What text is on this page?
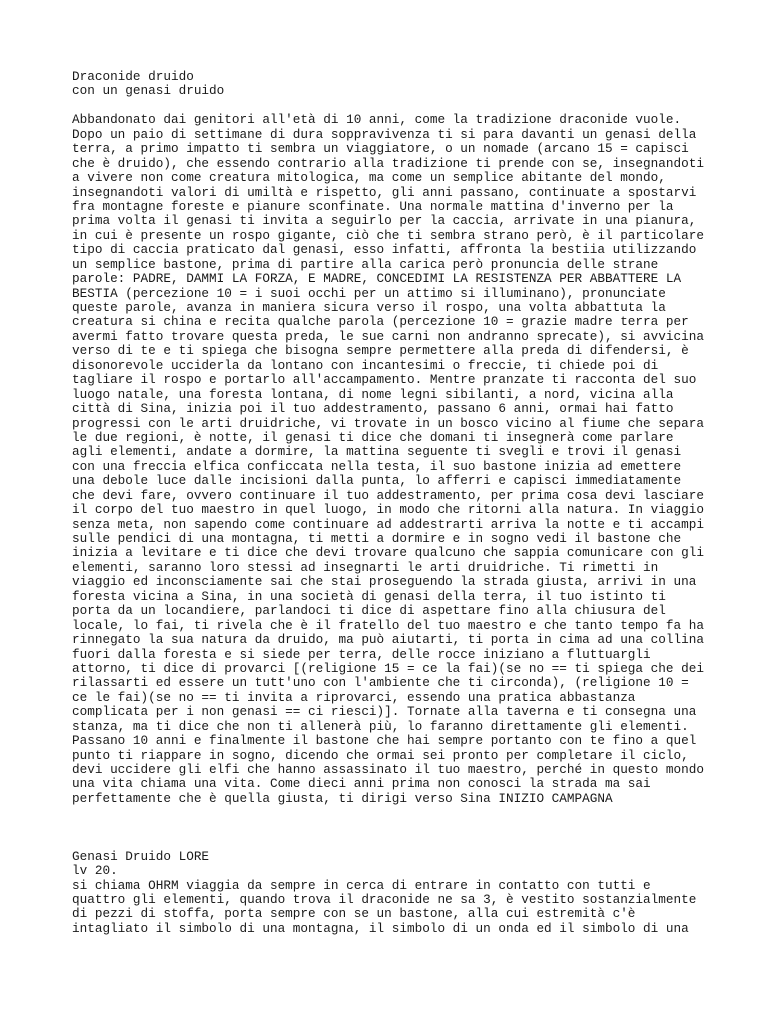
Draconide druido
con un genasi druido
Abbandonato dai genitori all'età di 10 anni, come la tradizione draconide vuole.
Dopo un paio di settimane di dura soppravivenza ti si para davanti un genasi della
terra, a primo impatto ti sembra un viaggiatore, o un nomade (arcano 15 = capisci
che è druido), che essendo contrario alla tradizione ti prende con se, insegnandoti
a vivere non come creatura mitologica, ma come un semplice abitante del mondo,
insegnandoti valori di umiltà e rispetto, gli anni passano, continuate a spostarvi
fra montagne foreste e pianure sconfinate. Una normale mattina d'inverno per la
prima volta il genasi ti invita a seguirlo per la caccia, arrivate in una pianura,
in cui è presente un rospo gigante, ciò che ti sembra strano però, è il particolare
tipo di caccia praticato dal genasi, esso infatti, affronta la bestiia utilizzando
un semplice bastone, prima di partire alla carica però pronuncia delle strane
parole: PADRE, DAMMI LA FORZA, E MADRE, CONCEDIMI LA RESISTENZA PER ABBATTERE LA
BESTIA (percezione 10 = i suoi occhi per un attimo si illuminano), pronunciate
queste parole, avanza in maniera sicura verso il rospo, una volta abbattuta la
creatura si china e recita qualche parola (percezione 10 = grazie madre terra per
avermi fatto trovare questa preda, le sue carni non andranno sprecate), si avvicina
verso di te e ti spiega che bisogna sempre permettere alla preda di difendersi, è
disonorevole ucciderla da lontano con incantesimi o freccie, ti chiede poi di
tagliare il rospo e portarlo all'accampamento. Mentre pranzate ti racconta del suo
luogo natale, una foresta lontana, di nome legni sibilanti, a nord, vicina alla
città di Sina, inizia poi il tuo addestramento, passano 6 anni, ormai hai fatto
progressi con le arti druidriche, vi trovate in un bosco vicino al fiume che separa
le due regioni, è notte, il genasi ti dice che domani ti insegnerà come parlare
agli elementi, andate a dormire, la mattina seguente ti svegli e trovi il genasi
con una freccia elfica conficcata nella testa, il suo bastone inizia ad emettere
una debole luce dalle incisioni dalla punta, lo afferri e capisci immediatamente
che devi fare, ovvero continuare il tuo addestramento, per prima cosa devi lasciare
il corpo del tuo maestro in quel luogo, in modo che ritorni alla natura. In viaggio
senza meta, non sapendo come continuare ad addestrarti arriva la notte e ti accampi
sulle pendici di una montagna, ti metti a dormire e in sogno vedi il bastone che
inizia a levitare e ti dice che devi trovare qualcuno che sappia comunicare con gli
elementi, saranno loro stessi ad insegnarti le arti druidriche. Ti rimetti in
viaggio ed inconsciamente sai che stai proseguendo la strada giusta, arrivi in una
foresta vicina a Sina, in una società di genasi della terra, il tuo istinto ti
porta da un locandiere, parlandoci ti dice di aspettare fino alla chiusura del
locale, lo fai, ti rivela che è il fratello del tuo maestro e che tanto tempo fa ha
rinnegato la sua natura da druido, ma può aiutarti, ti porta in cima ad una collina
fuori dalla foresta e si siede per terra, delle rocce iniziano a fluttuargli
attorno, ti dice di provarci [(religione 15 = ce la fai)(se no == ti spiega che dei
rilassarti ed essere un tutt'uno con l'ambiente che ti circonda), (religione 10 =
ce le fai)(se no == ti invita a riprovarci, essendo una pratica abbastanza
complicata per i non genasi == ci riesci)]. Tornate alla taverna e ti consegna una
stanza, ma ti dice che non ti allenerà più, lo faranno direttamente gli elementi.
Passano 10 anni e finalmente il bastone che hai sempre portanto con te fino a quel
punto ti riappare in sogno, dicendo che ormai sei pronto per completare il ciclo,
devi uccidere gli elfi che hanno assassinato il tuo maestro, perché in questo mondo
una vita chiama una vita. Come dieci anni prima non conosci la strada ma sai
perfettamente che è quella giusta, ti dirigi verso Sina INIZIO CAMPAGNA
Genasi Druido LORE
lv 20.
si chiama OHRM viaggia da sempre in cerca di entrare in contatto con tutti e
quattro gli elementi, quando trova il draconide ne sa 3, è vestito sostanzialmente
di pezzi di stoffa, porta sempre con se un bastone, alla cui estremità c'è
intagliato il simbolo di una montagna, il simbolo di un onda ed il simbolo di una
